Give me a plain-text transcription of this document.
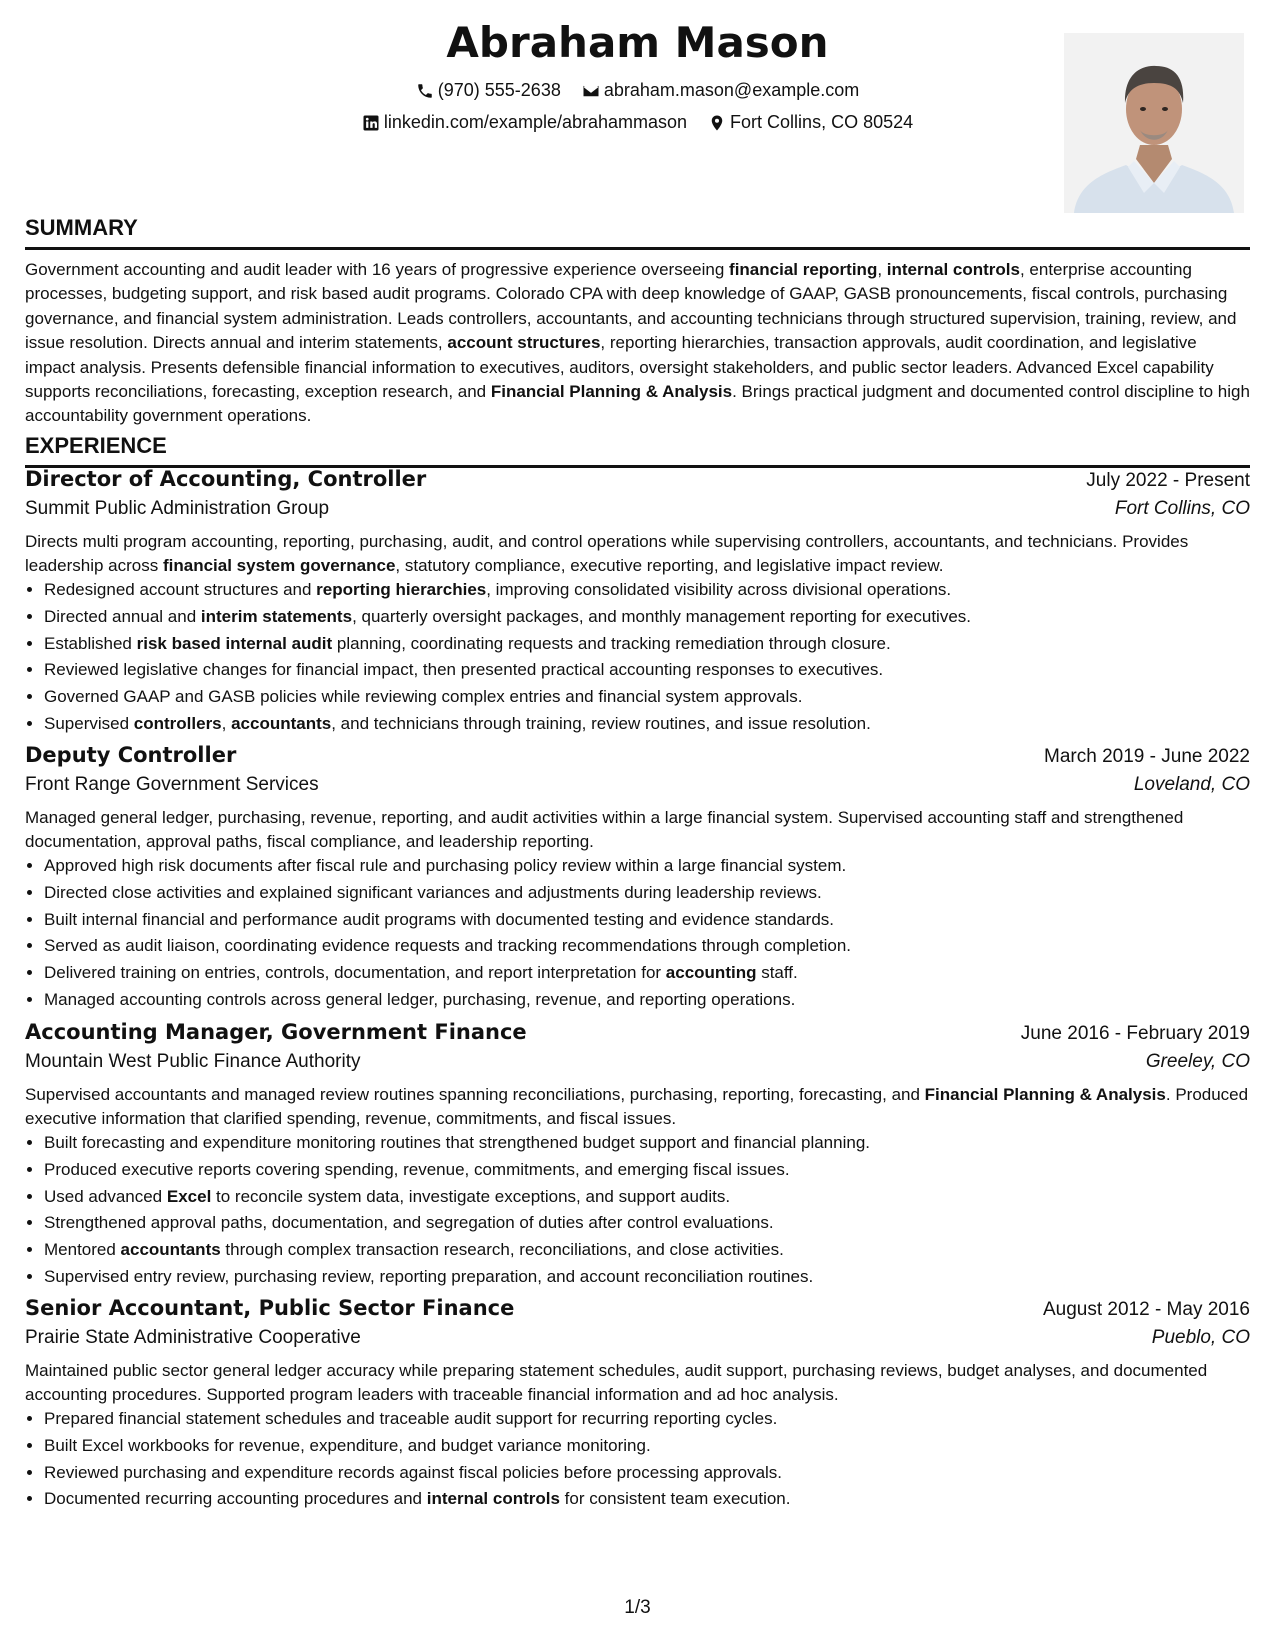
Abraham Mason
(970) 555-2638
abraham.mason@example.com
linkedin.com/example/abrahammason
Fort Collins, CO 80524
SUMMARY

Government accounting and audit leader with 16 years of progressive experience overseeing financial reporting, internal controls, enterprise accounting processes, budgeting support, and risk based audit programs. Colorado CPA with deep knowledge of GAAP, GASB pronouncements, fiscal controls, purchasing governance, and financial system administration. Leads controllers, accountants, and accounting technicians through structured supervision, training, review, and issue resolution. Directs annual and interim statements, account structures, reporting hierarchies, transaction approvals, audit coordination, and legislative impact analysis. Presents defensible financial information to executives, auditors, oversight stakeholders, and public sector leaders. Advanced Excel capability supports reconciliations, forecasting, exception research, and Financial Planning & Analysis. Brings practical judgment and documented control discipline to high accountability government operations.

EXPERIENCE
Director of Accounting, Controller	July 2022 - Present
Summit Public Administration Group	Fort Collins, CO
Directs multi program accounting, reporting, purchasing, audit, and control operations while supervising controllers, accountants, and technicians. Provides leadership across financial system governance, statutory compliance, executive reporting, and legislative impact review.
• Redesigned account structures and reporting hierarchies, improving consolidated visibility across divisional operations.
• Directed annual and interim statements, quarterly oversight packages, and monthly management reporting for executives.
• Established risk based internal audit planning, coordinating requests and tracking remediation through closure.
• Reviewed legislative changes for financial impact, then presented practical accounting responses to executives.
• Governed GAAP and GASB policies while reviewing complex entries and financial system approvals.
• Supervised controllers, accountants, and technicians through training, review routines, and issue resolution.
Deputy Controller	March 2019 - June 2022
Front Range Government Services	Loveland, CO
Managed general ledger, purchasing, revenue, reporting, and audit activities within a large financial system. Supervised accounting staff and strengthened documentation, approval paths, fiscal compliance, and leadership reporting.
• Approved high risk documents after fiscal rule and purchasing policy review within a large financial system.
• Directed close activities and explained significant variances and adjustments during leadership reviews.
• Built internal financial and performance audit programs with documented testing and evidence standards.
• Served as audit liaison, coordinating evidence requests and tracking recommendations through completion.
• Delivered training on entries, controls, documentation, and report interpretation for accounting staff.
• Managed accounting controls across general ledger, purchasing, revenue, and reporting operations.
Accounting Manager, Government Finance	June 2016 - February 2019
Mountain West Public Finance Authority	Greeley, CO
Supervised accountants and managed review routines spanning reconciliations, purchasing, reporting, forecasting, and Financial Planning & Analysis. Produced executive information that clarified spending, revenue, commitments, and fiscal issues.
• Built forecasting and expenditure monitoring routines that strengthened budget support and financial planning.
• Produced executive reports covering spending, revenue, commitments, and emerging fiscal issues.
• Used advanced Excel to reconcile system data, investigate exceptions, and support audits.
• Strengthened approval paths, documentation, and segregation of duties after control evaluations.
• Mentored accountants through complex transaction research, reconciliations, and close activities.
• Supervised entry review, purchasing review, reporting preparation, and account reconciliation routines.
Senior Accountant, Public Sector Finance	August 2012 - May 2016
Prairie State Administrative Cooperative	Pueblo, CO
Maintained public sector general ledger accuracy while preparing statement schedules, audit support, purchasing reviews, budget analyses, and documented accounting procedures. Supported program leaders with traceable financial information and ad hoc analysis.
• Prepared financial statement schedules and traceable audit support for recurring reporting cycles.
• Built Excel workbooks for revenue, expenditure, and budget variance monitoring.
• Reviewed purchasing and expenditure records against fiscal policies before processing approvals.
• Documented recurring accounting procedures and internal controls for consistent team execution.
1/3
